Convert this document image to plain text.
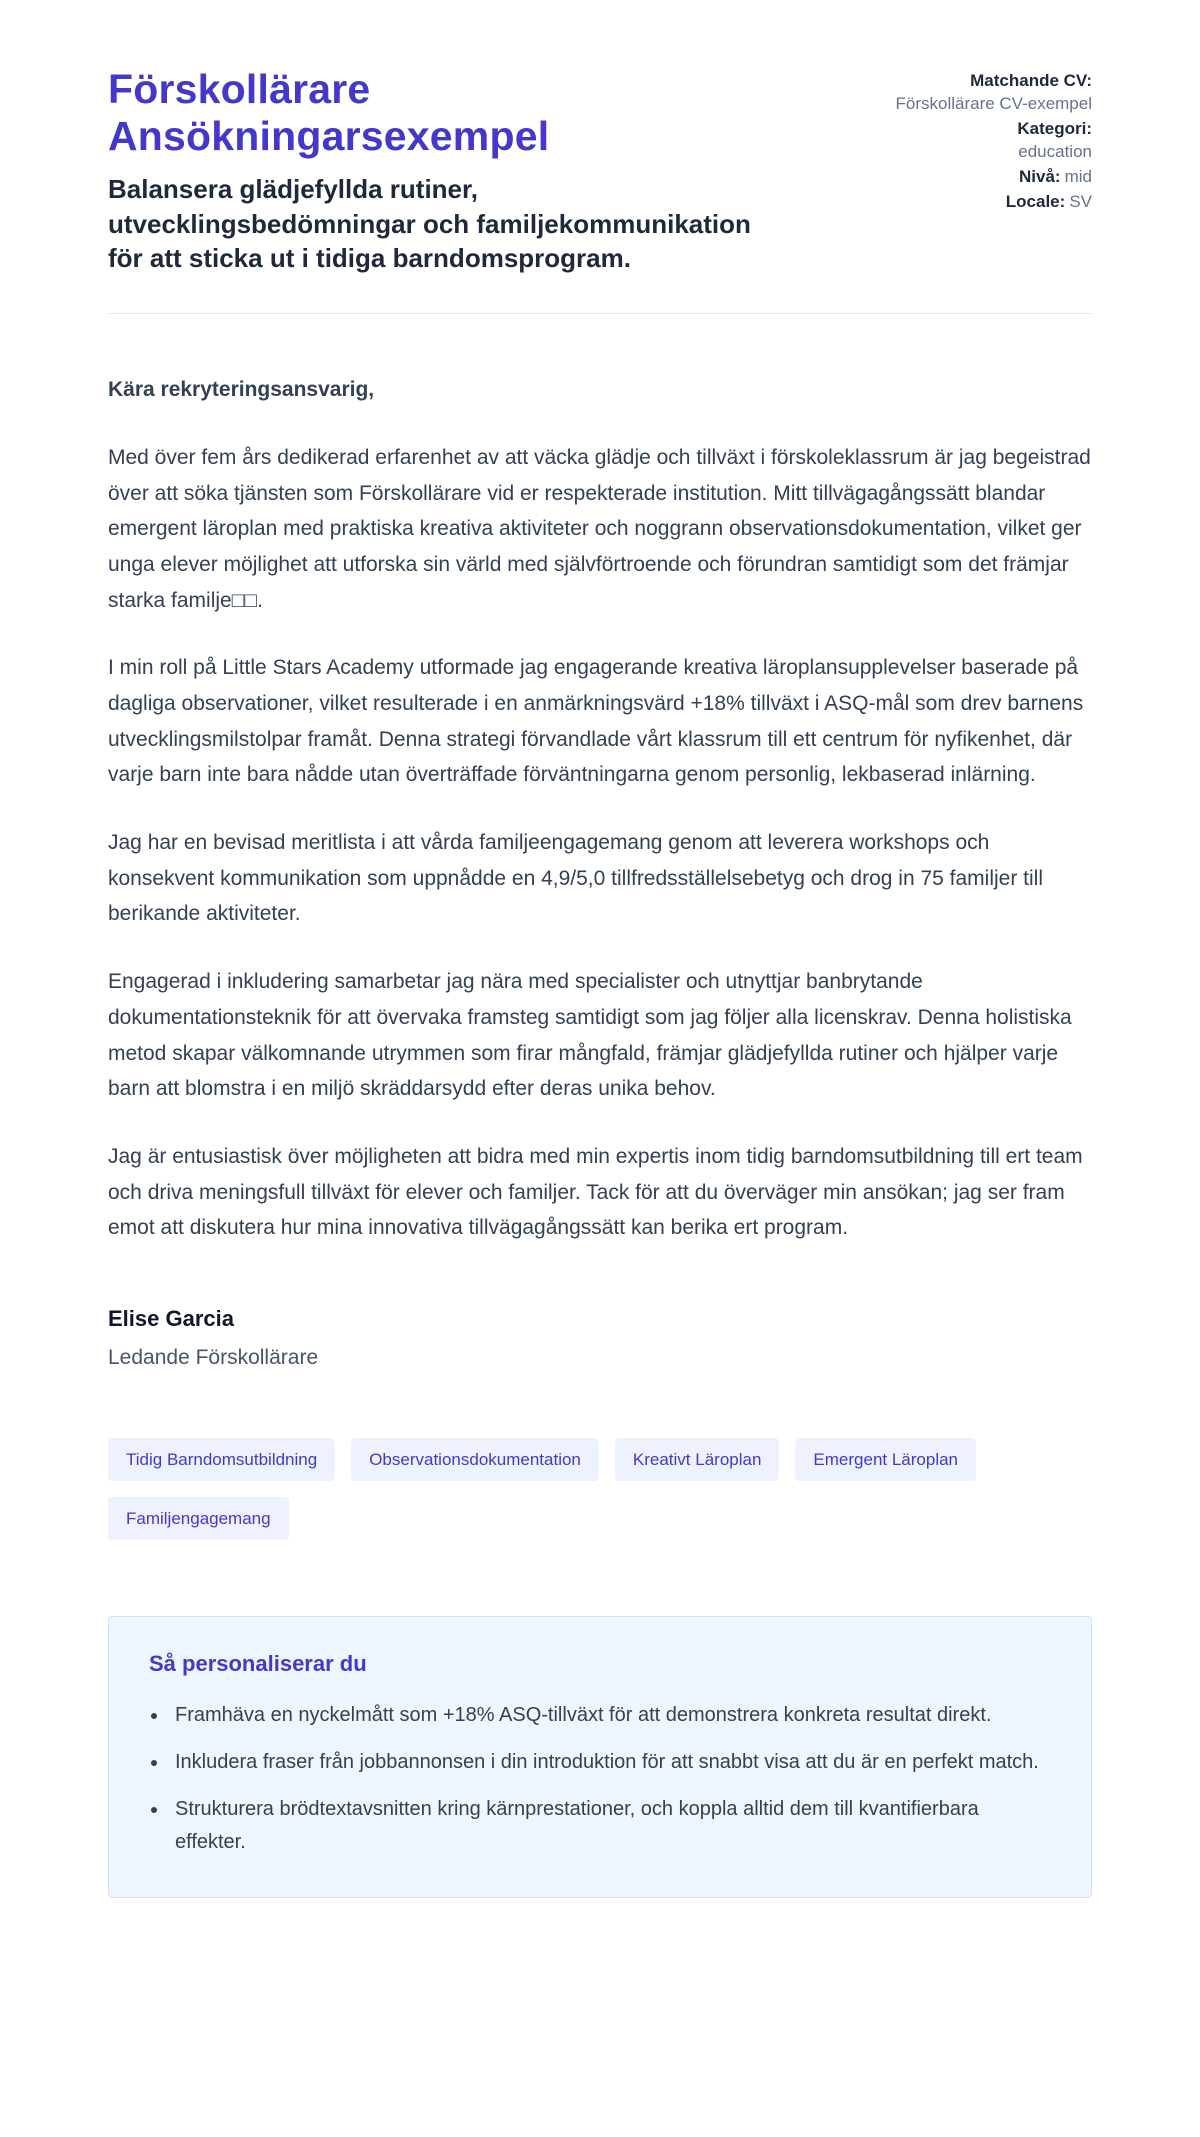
Förskollärare Ansökningarsexempel
Balansera glädjefyllda rutiner, utvecklingsbedömningar och familjekommunikation för att sticka ut i tidiga barndomsprogram.
Matchande CV:
Förskollärare CV-exempel
Kategori:
education
Nivå: mid
Locale: SV

Kära rekryteringsansvarig,

Med över fem års dedikerad erfarenhet av att väcka glädje och tillväxt i förskoleklassrum är jag begeistrad över att söka tjänsten som Förskollärare vid er respekterade institution. Mitt tillvägagångssätt blandar emergent läroplan med praktiska kreativa aktiviteter och noggrann observationsdokumentation, vilket ger unga elever möjlighet att utforska sin värld med självförtroende och förundran samtidigt som det främjar starka familje□□.

I min roll på Little Stars Academy utformade jag engagerande kreativa läroplansupplevelser baserade på dagliga observationer, vilket resulterade i en anmärkningsvärd +18% tillväxt i ASQ-mål som drev barnens utvecklingsmilstolpar framåt. Denna strategi förvandlade vårt klassrum till ett centrum för nyfikenhet, där varje barn inte bara nådde utan överträffade förväntningarna genom personlig, lekbaserad inlärning.

Jag har en bevisad meritlista i att vårda familjeengagemang genom att leverera workshops och konsekvent kommunikation som uppnådde en 4,9/5,0 tillfredsställelsebetyg och drog in 75 familjer till berikande aktiviteter.

Engagerad i inkludering samarbetar jag nära med specialister och utnyttjar banbrytande dokumentationsteknik för att övervaka framsteg samtidigt som jag följer alla licenskrav. Denna holistiska metod skapar välkomnande utrymmen som firar mångfald, främjar glädjefyllda rutiner och hjälper varje barn att blomstra i en miljö skräddarsydd efter deras unika behov.

Jag är entusiastisk över möjligheten att bidra med min expertis inom tidig barndomsutbildning till ert team och driva meningsfull tillväxt för elever och familjer. Tack för att du överväger min ansökan; jag ser fram emot att diskutera hur mina innovativa tillvägagångssätt kan berika ert program.

Elise Garcia
Ledande Förskollärare
Tidig Barndomsutbildning	Observationsdokumentation	Kreativt Läroplan	Emergent Läroplan
Familjengagemang
Så personaliserar du
• Framhäva en nyckelmått som +18% ASQ-tillväxt för att demonstrera konkreta resultat direkt.
• Inkludera fraser från jobbannonsen i din introduktion för att snabbt visa att du är en perfekt match.
• Strukturera brödtextavsnitten kring kärnprestationer, och koppla alltid dem till kvantifierbara effekter.
